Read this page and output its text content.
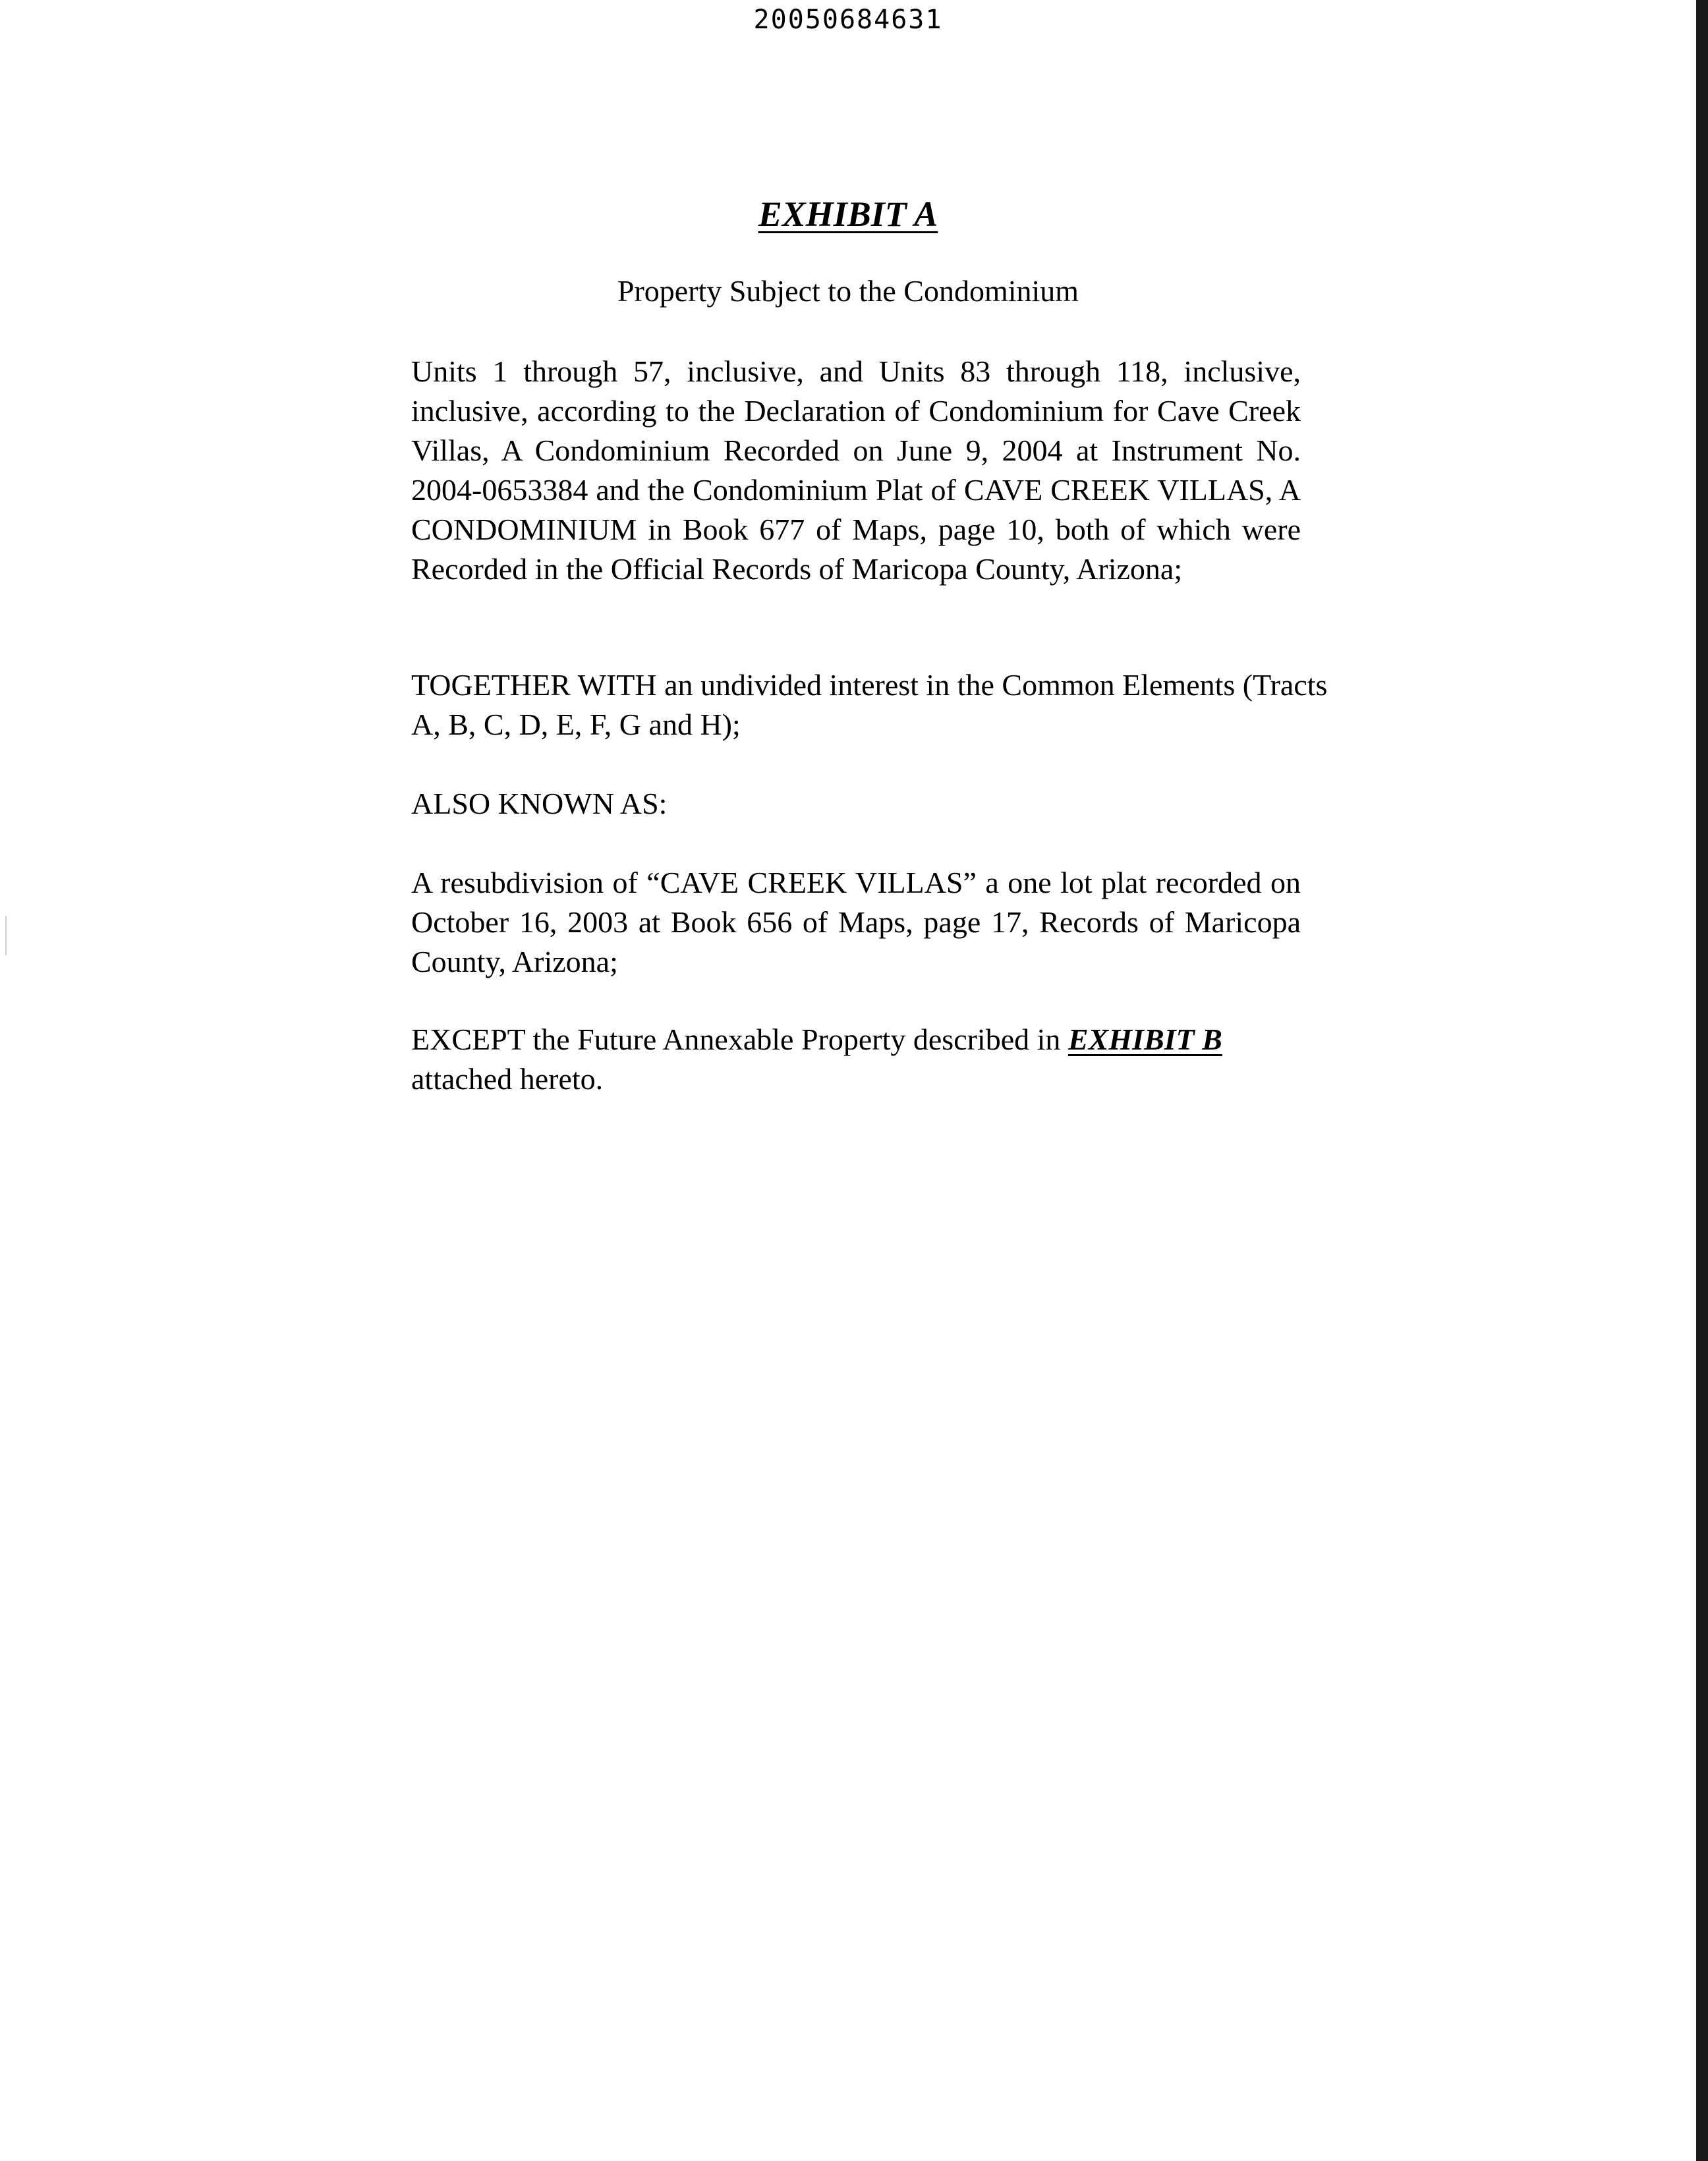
20050684631
EXHIBIT A
Property Subject to the Condominium

Units 1 through 57, inclusive, and Units 83 through 118, inclusive, inclusive, according to the Declaration of Condominium for Cave Creek Villas, A Condominium Recorded on June 9, 2004 at Instrument No. 2004-0653384 and the Condominium Plat of CAVE CREEK VILLAS, A CONDOMINIUM in Book 677 of Maps, page 10, both of which were Recorded in the Official Records of Maricopa County, Arizona;

TOGETHER WITH an undivided interest in the Common Elements (Tracts A, B, C, D, E, F, G and H);

ALSO KNOWN AS:

A resubdivision of “CAVE CREEK VILLAS” a one lot plat recorded on October 16, 2003 at Book 656 of Maps, page 17, Records of Maricopa County, Arizona;

EXCEPT the Future Annexable Property described in EXHIBIT B
attached hereto.
